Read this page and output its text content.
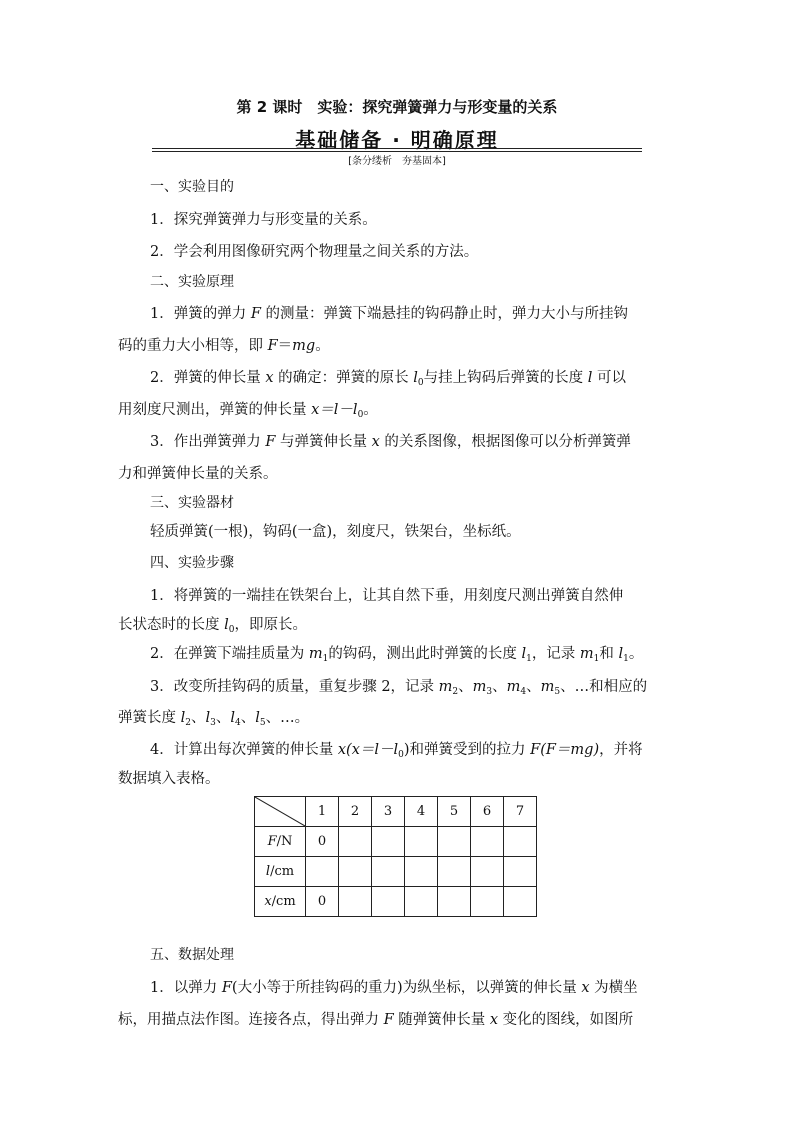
第 2 课时　实验：探究弹簧弹力与形变量的关系
基础储备 · 明确原理
[条分缕析　夯基固本]
一、实验目的
1．探究弹簧弹力与形变量的关系。
2．学会利用图像研究两个物理量之间关系的方法。
二、实验原理
1．弹簧的弹力 F 的测量：弹簧下端悬挂的钩码静止时，弹力大小与所挂钩
码的重力大小相等，即 F＝mg。
2．弹簧的伸长量 x 的确定：弹簧的原长 $l_0$与挂上钩码后弹簧的长度 l 可以
用刻度尺测出，弹簧的伸长量 $x=l-l_0$。
3．作出弹簧弹力 F 与弹簧伸长量 x 的关系图像，根据图像可以分析弹簧弹
力和弹簧伸长量的关系。
三、实验器材
轻质弹簧(一根)，钩码(一盒)，刻度尺，铁架台，坐标纸。
四、实验步骤
1．将弹簧的一端挂在铁架台上，让其自然下垂，用刻度尺测出弹簧自然伸
长状态时的长度 $l_0$，即原长。
2．在弹簧下端挂质量为 $m_1$的钩码，测出此时弹簧的长度 $l_1$，记录 $m_1$和 $l_1$。
3．改变所挂钩码的质量，重复步骤 2，记录 $m_2$、$m_3$、$m_4$、$m_5$、…和相应的
弹簧长度 $l_2$、$l_3$、$l_4$、$l_5$、…。
4．计算出每次弹簧的伸长量 $x(x=l-l_0)$和弹簧受到的拉力 F(F＝mg)，并将
数据填入表格。
	1	2	3	4	5	6	7
F/N	0						
l/cm							
x/cm	0						
五、数据处理
1．以弹力 F(大小等于所挂钩码的重力)为纵坐标，以弹簧的伸长量 x 为横坐
标，用描点法作图。连接各点，得出弹力 F 随弹簧伸长量 x 变化的图线，如图所
